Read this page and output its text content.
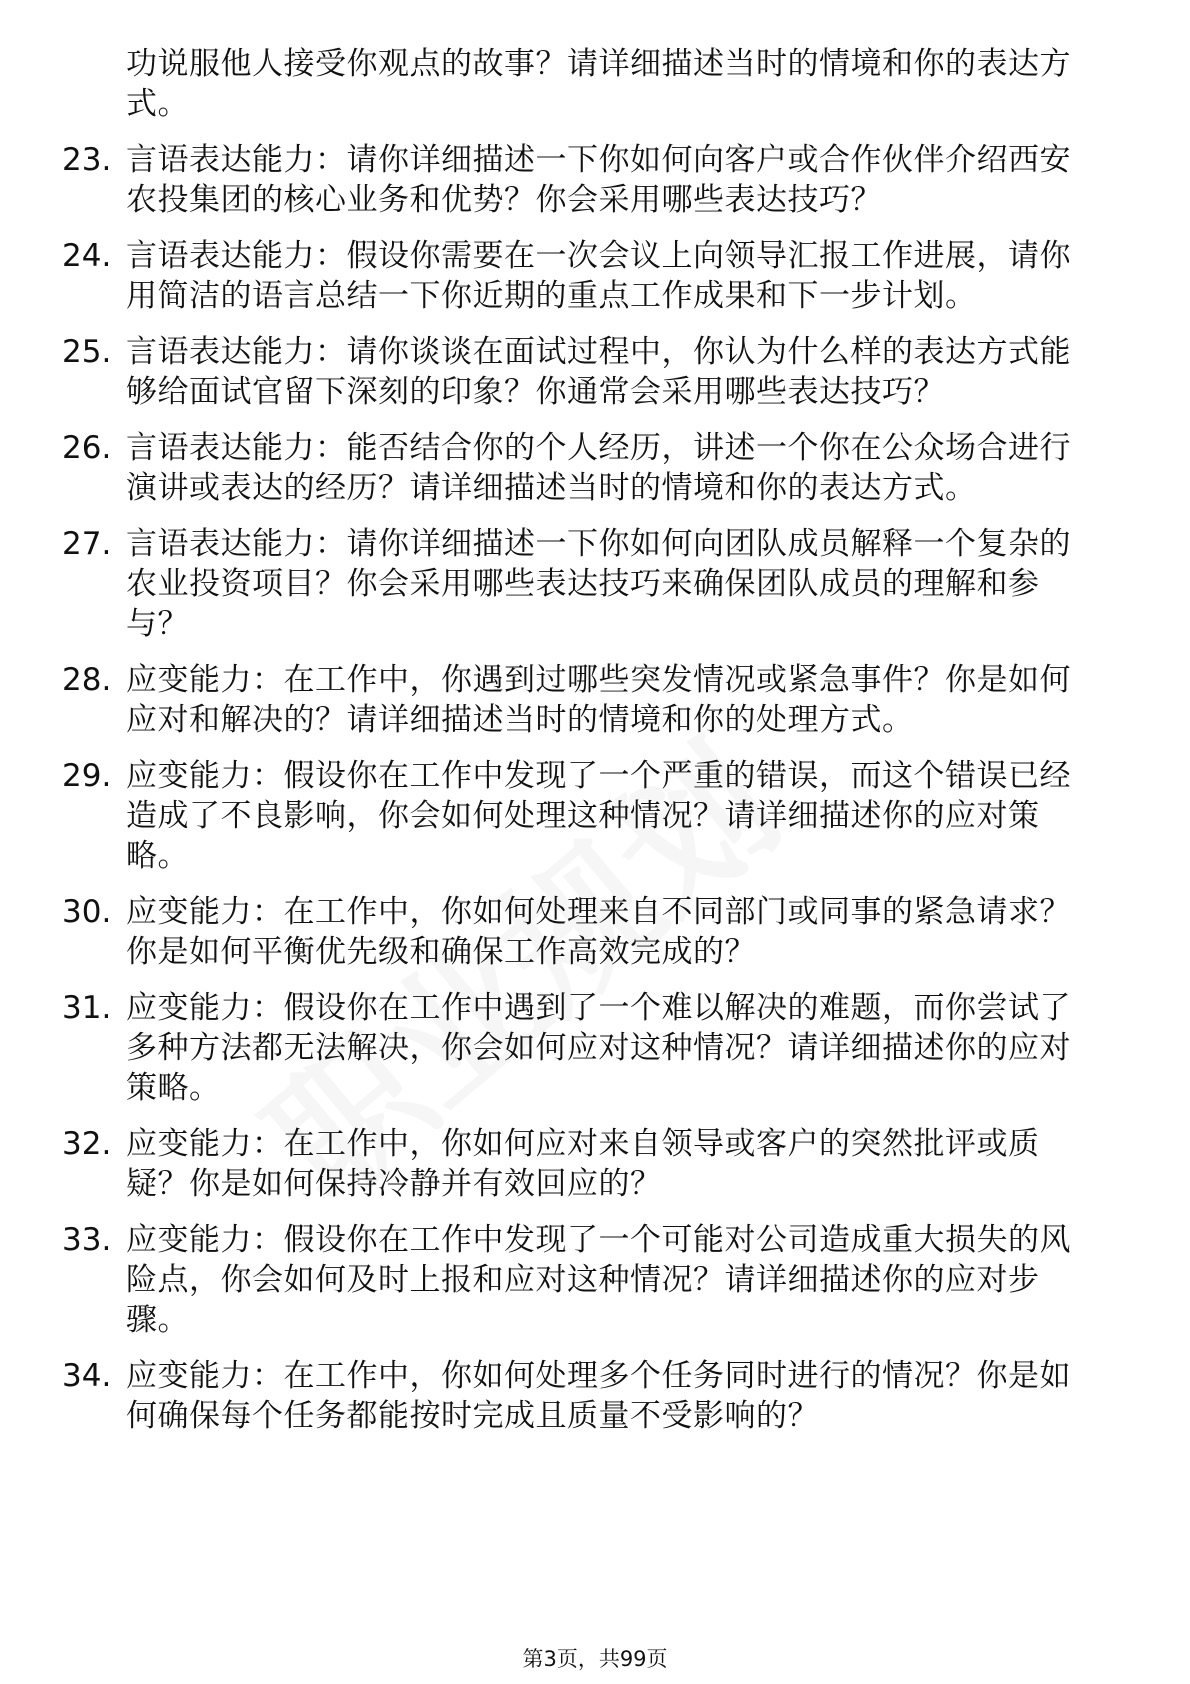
功说服他人接受你观点的故事？请详细描述当时的情境和你的表达方式。
23. 言语表达能力：请你详细描述一下你如何向客户或合作伙伴介绍西安农投集团的核心业务和优势？你会采用哪些表达技巧？
24. 言语表达能力：假设你需要在一次会议上向领导汇报工作进展，请你用简洁的语言总结一下你近期的重点工作成果和下一步计划。
25. 言语表达能力：请你谈谈在面试过程中，你认为什么样的表达方式能够给面试官留下深刻的印象？你通常会采用哪些表达技巧？
26. 言语表达能力：能否结合你的个人经历，讲述一个你在公众场合进行演讲或表达的经历？请详细描述当时的情境和你的表达方式。
27. 言语表达能力：请你详细描述一下你如何向团队成员解释一个复杂的农业投资项目？你会采用哪些表达技巧来确保团队成员的理解和参与？
28. 应变能力：在工作中，你遇到过哪些突发情况或紧急事件？你是如何应对和解决的？请详细描述当时的情境和你的处理方式。
29. 应变能力：假设你在工作中发现了一个严重的错误，而这个错误已经造成了不良影响，你会如何处理这种情况？请详细描述你的应对策略。
30. 应变能力：在工作中，你如何处理来自不同部门或同事的紧急请求？你是如何平衡优先级和确保工作高效完成的？
31. 应变能力：假设你在工作中遇到了一个难以解决的难题，而你尝试了多种方法都无法解决，你会如何应对这种情况？请详细描述你的应对策略。
32. 应变能力：在工作中，你如何应对来自领导或客户的突然批评或质疑？你是如何保持冷静并有效回应的？
33. 应变能力：假设你在工作中发现了一个可能对公司造成重大损失的风险点，你会如何及时上报和应对这种情况？请详细描述你的应对步骤。
34. 应变能力：在工作中，你如何处理多个任务同时进行的情况？你是如何确保每个任务都能按时完成且质量不受影响的？
第3页，共99页
